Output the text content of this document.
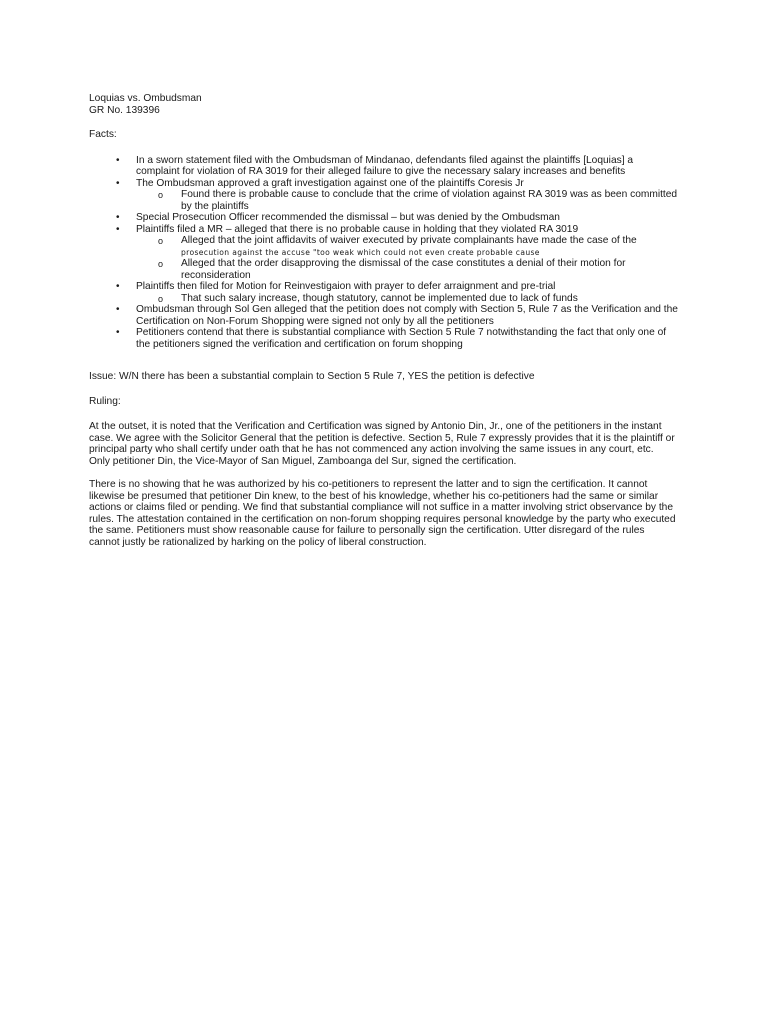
Loquias vs. Ombudsman

GR No. 139396

Facts:

• In a sworn statement filed with the Ombudsman of Mindanao, defendants filed against the plaintiffs [Loquias] a complaint for violation of RA 3019 for their alleged failure to give the necessary salary increases and benefits
• The Ombudsman approved a graft investigation against one of the plaintiffs Coresis Jr
o Found there is probable cause to conclude that the crime of violation against RA 3019 was as been committed by the plaintiffs
• Special Prosecution Officer recommended the dismissal – but was denied by the Ombudsman
• Plaintiffs filed a MR – alleged that there is no probable cause in holding that they violated RA 3019
o Alleged that the joint affidavits of waiver executed by private complainants have made the case of the
prosecution against the accuse "too weak which could not even create probable cause
o Alleged that the order disapproving the dismissal of the case constitutes a denial of their motion for reconsideration
• Plaintiffs then filed for Motion for Reinvestigaion with prayer to defer arraignment and pre-trial
o That such salary increase, though statutory, cannot be implemented due to lack of funds
• Ombudsman through Sol Gen alleged that the petition does not comply with Section 5, Rule 7 as the Verification and the Certification on Non-Forum Shopping were signed not only by all the petitioners
• Petitioners contend that there is substantial compliance with Section 5 Rule 7 notwithstanding the fact that only one of the petitioners signed the verification and certification on forum shopping

Issue: W/N there has been a substantial complain to Section 5 Rule 7, YES the petition is defective

Ruling:

At the outset, it is noted that the Verification and Certification was signed by Antonio Din, Jr., one of the petitioners in the instant case. We agree with the Solicitor General that the petition is defective. Section 5, Rule 7 expressly provides that it is the plaintiff or principal party who shall certify under oath that he has not commenced any action involving the same issues in any court, etc. Only petitioner Din, the Vice-Mayor of San Miguel, Zamboanga del Sur, signed the certification.

There is no showing that he was authorized by his co-petitioners to represent the latter and to sign the certification. It cannot likewise be presumed that petitioner Din knew, to the best of his knowledge, whether his co-petitioners had the same or similar actions or claims filed or pending. We find that substantial compliance will not suffice in a matter involving strict observance by the rules. The attestation contained in the certification on non-forum shopping requires personal knowledge by the party who executed the same. Petitioners must show reasonable cause for failure to personally sign the certification. Utter disregard of the rules cannot justly be rationalized by harking on the policy of liberal construction.
